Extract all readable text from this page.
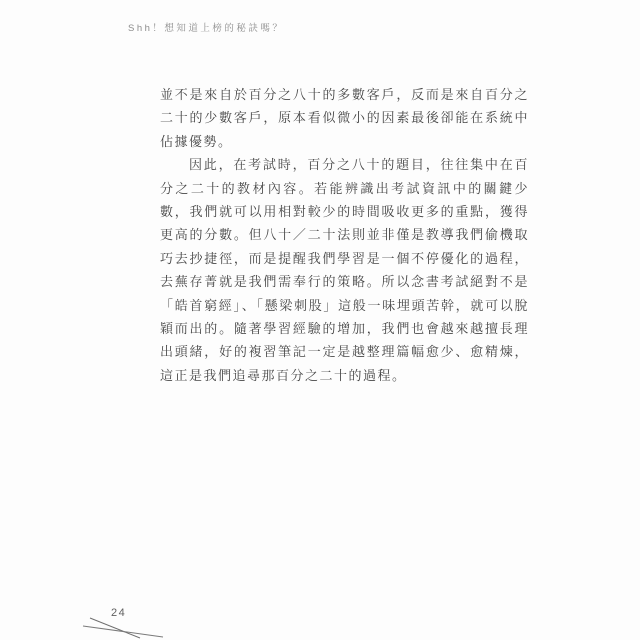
Shh！想知道上榜的秘訣嗎？

並不是來自於百分之八十的多數客戶，反而是來自百分之二十的少數客戶，原本看似微小的因素最後卻能在系統中佔據優勢。

因此，在考試時，百分之八十的題目，往往集中在百分之二十的教材內容。若能辨識出考試資訊中的關鍵少數，我們就可以用相對較少的時間吸收更多的重點，獲得更高的分數。但八十／二十法則並非僅是教導我們偷機取巧去抄捷徑，而是提醒我們學習是一個不停優化的過程，去蕪存菁就是我們需奉行的策略。所以念書考試絕對不是「皓首窮經」、「懸梁刺股」這般一味埋頭苦幹，就可以脫穎而出的。隨著學習經驗的增加，我們也會越來越擅長理出頭緒，好的複習筆記一定是越整理篇幅愈少、愈精煉，這正是我們追尋那百分之二十的過程。

24
